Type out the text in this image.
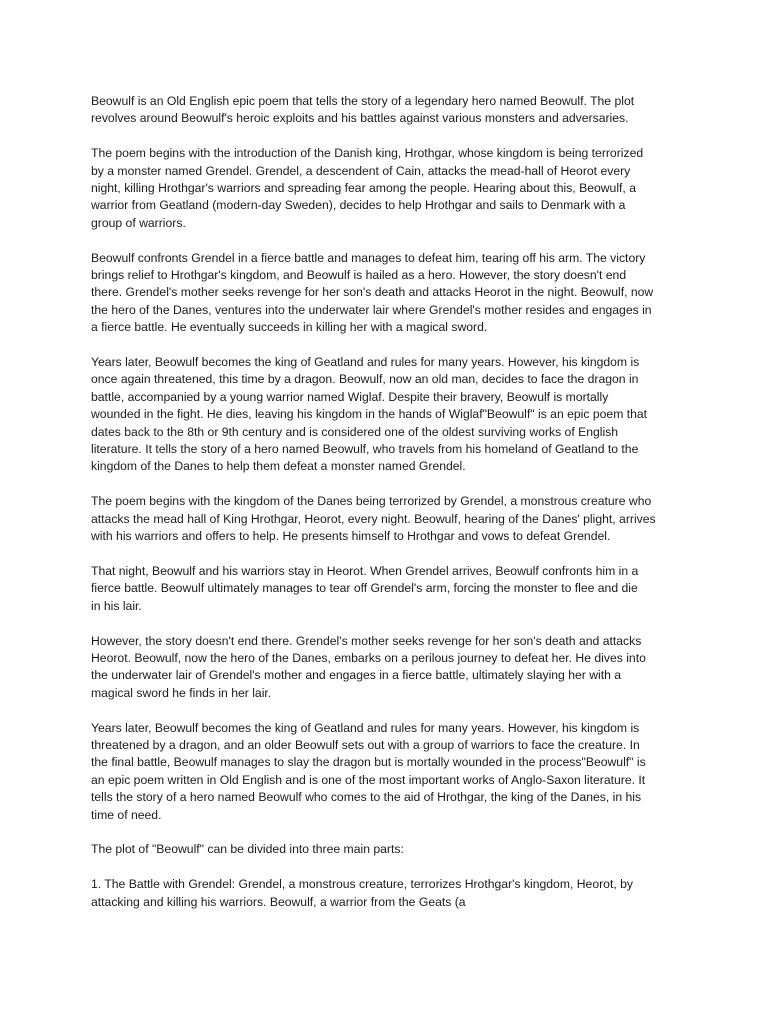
Beowulf is an Old English epic poem that tells the story of a legendary hero named Beowulf. The plot
revolves around Beowulf's heroic exploits and his battles against various monsters and adversaries.

The poem begins with the introduction of the Danish king, Hrothgar, whose kingdom is being terrorized
by a monster named Grendel. Grendel, a descendent of Cain, attacks the mead-hall of Heorot every
night, killing Hrothgar's warriors and spreading fear among the people. Hearing about this, Beowulf, a
warrior from Geatland (modern-day Sweden), decides to help Hrothgar and sails to Denmark with a
group of warriors.

Beowulf confronts Grendel in a fierce battle and manages to defeat him, tearing off his arm. The victory
brings relief to Hrothgar's kingdom, and Beowulf is hailed as a hero. However, the story doesn't end
there. Grendel's mother seeks revenge for her son's death and attacks Heorot in the night. Beowulf, now
the hero of the Danes, ventures into the underwater lair where Grendel's mother resides and engages in
a fierce battle. He eventually succeeds in killing her with a magical sword.

Years later, Beowulf becomes the king of Geatland and rules for many years. However, his kingdom is
once again threatened, this time by a dragon. Beowulf, now an old man, decides to face the dragon in
battle, accompanied by a young warrior named Wiglaf. Despite their bravery, Beowulf is mortally
wounded in the fight. He dies, leaving his kingdom in the hands of Wiglaf"Beowulf" is an epic poem that
dates back to the 8th or 9th century and is considered one of the oldest surviving works of English
literature. It tells the story of a hero named Beowulf, who travels from his homeland of Geatland to the
kingdom of the Danes to help them defeat a monster named Grendel.

The poem begins with the kingdom of the Danes being terrorized by Grendel, a monstrous creature who
attacks the mead hall of King Hrothgar, Heorot, every night. Beowulf, hearing of the Danes' plight, arrives
with his warriors and offers to help. He presents himself to Hrothgar and vows to defeat Grendel.

That night, Beowulf and his warriors stay in Heorot. When Grendel arrives, Beowulf confronts him in a
fierce battle. Beowulf ultimately manages to tear off Grendel's arm, forcing the monster to flee and die
in his lair.

However, the story doesn't end there. Grendel's mother seeks revenge for her son's death and attacks
Heorot. Beowulf, now the hero of the Danes, embarks on a perilous journey to defeat her. He dives into
the underwater lair of Grendel's mother and engages in a fierce battle, ultimately slaying her with a
magical sword he finds in her lair.

Years later, Beowulf becomes the king of Geatland and rules for many years. However, his kingdom is
threatened by a dragon, and an older Beowulf sets out with a group of warriors to face the creature. In
the final battle, Beowulf manages to slay the dragon but is mortally wounded in the process"Beowulf" is
an epic poem written in Old English and is one of the most important works of Anglo-Saxon literature. It
tells the story of a hero named Beowulf who comes to the aid of Hrothgar, the king of the Danes, in his
time of need.

The plot of "Beowulf" can be divided into three main parts:

1. The Battle with Grendel: Grendel, a monstrous creature, terrorizes Hrothgar's kingdom, Heorot, by
attacking and killing his warriors. Beowulf, a warrior from the Geats (a
